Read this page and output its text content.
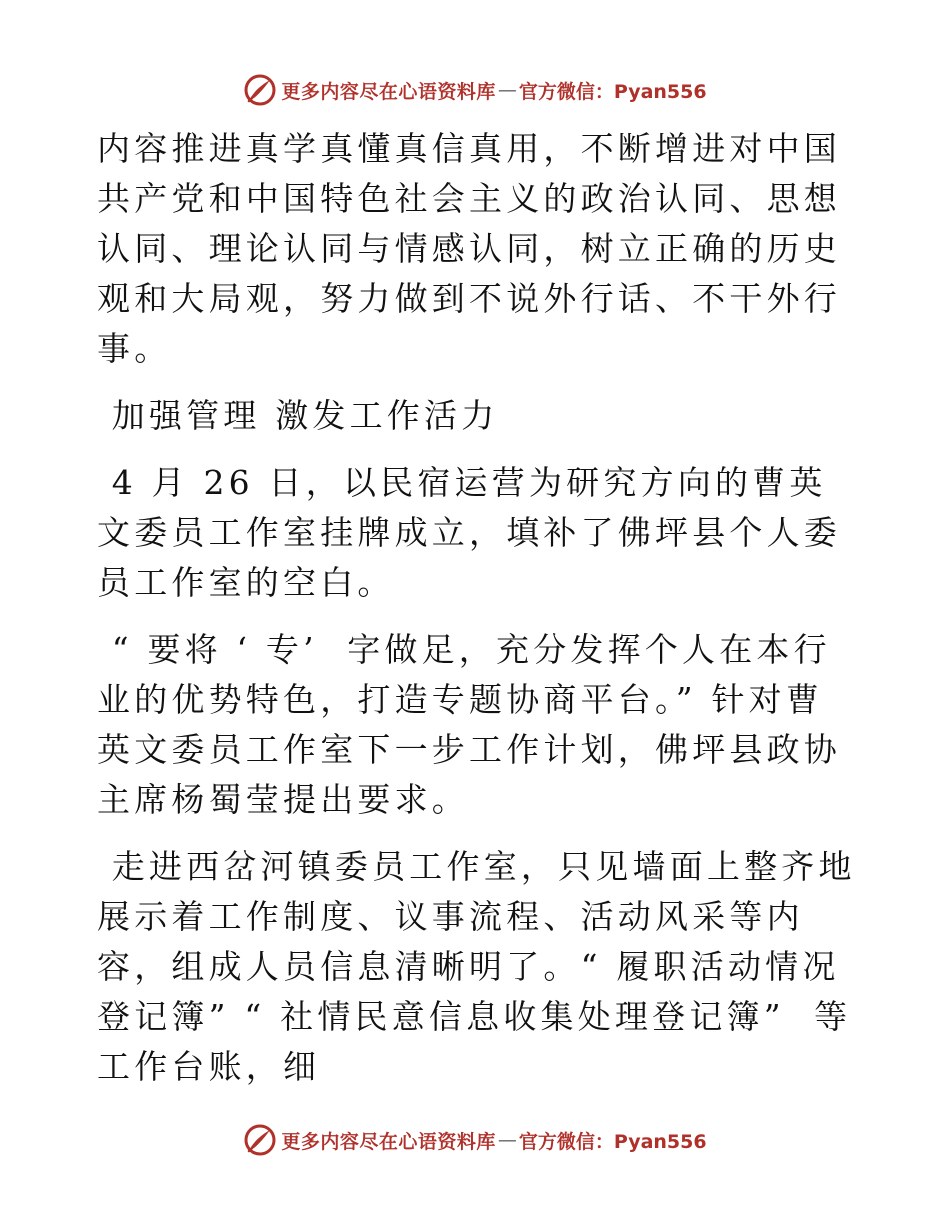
更多内容尽在心语资料库 — 官方微信：Pyan556

内容推进真学真懂真信真用，不断增进对中国共产党和中国特色社会主义的政治认同、思想认同、理论认同与情感认同，树立正确的历史观和大局观，努力做到不说外行话、不干外行事。

加强管理 激发工作活力

4 月 26 日，以民宿运营为研究方向的曹英文委员工作室挂牌成立，填补了佛坪县个人委员工作室的空白。

“ 要将 ‘ 专’  字做足，充分发挥个人在本行业的优势特色，打造专题协商平台。” 针对曹英文委员工作室下一步工作计划，佛坪县政协主席杨蜀莹提出要求。

走进西岔河镇委员工作室，只见墙面上整齐地展示着工作制度、议事流程、活动风采等内容，组成人员信息清晰明了。“ 履职活动情况登记簿” “ 社情民意信息收集处理登记簿”  等工作台账，细

更多内容尽在心语资料库 — 官方微信：Pyan556
